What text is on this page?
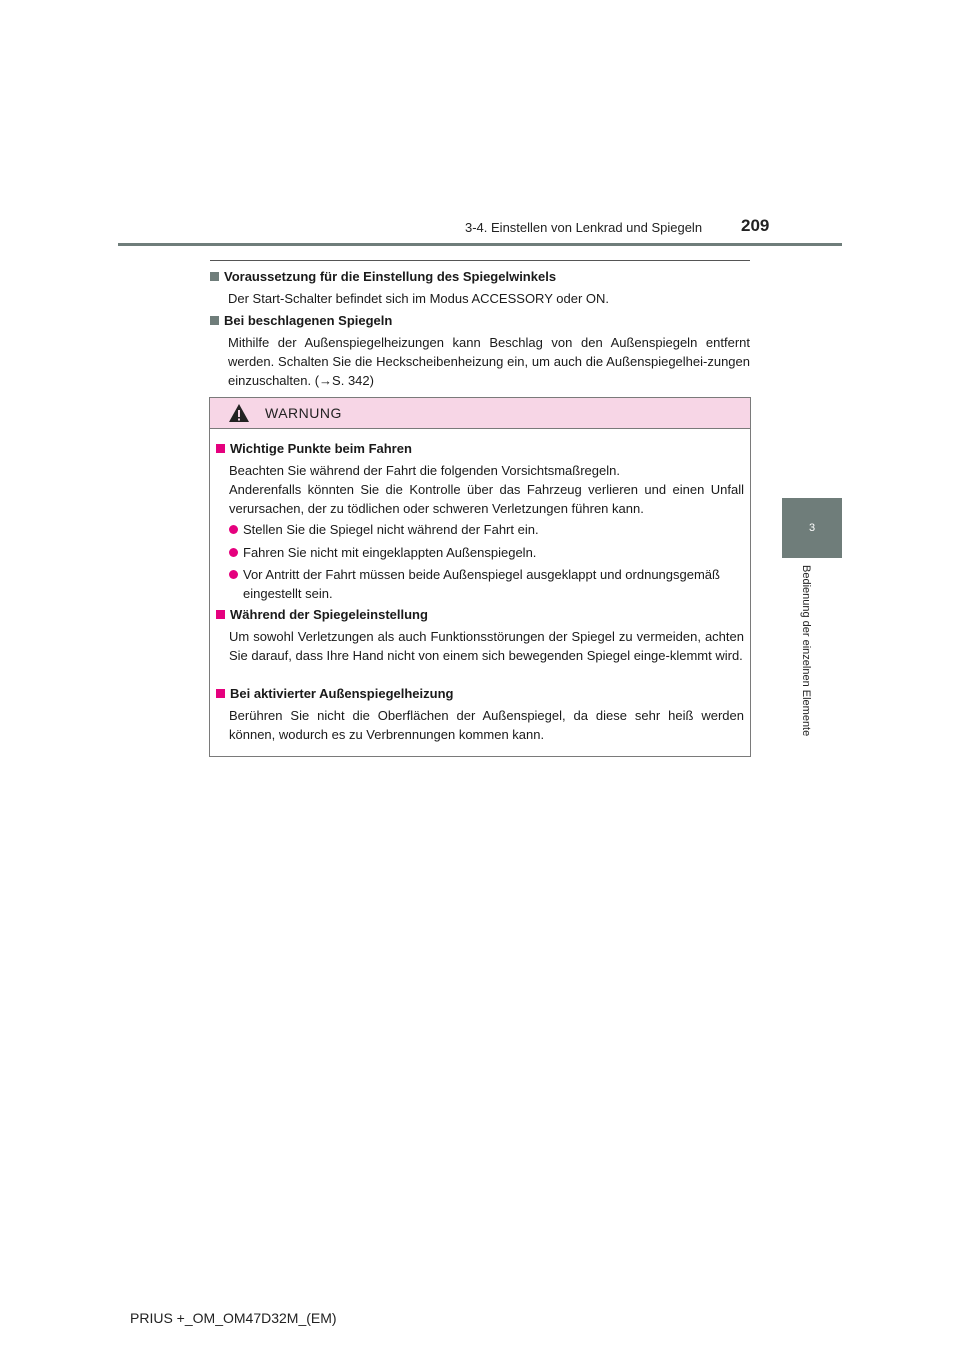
3-4. Einstellen von Lenkrad und Spiegeln 209
3
Bedienung der einzelnen Elemente
Voraussetzung für die Einstellung des Spiegelwinkels
Der Start-Schalter befindet sich im Modus ACCESSORY oder ON.
Bei beschlagenen Spiegeln
Mithilfe der Außenspiegelheizungen kann Beschlag von den Außenspiegeln entfernt werden. Schalten Sie die Heckscheibenheizung ein, um auch die Außenspiegelhei-zungen einzuschalten. (→S. 342)
WARNUNG
Wichtige Punkte beim Fahren
Beachten Sie während der Fahrt die folgenden Vorsichtsmaßregeln.
Anderenfalls könnten Sie die Kontrolle über das Fahrzeug verlieren und einen Unfall verursachen, der zu tödlichen oder schweren Verletzungen führen kann.
Stellen Sie die Spiegel nicht während der Fahrt ein.
Fahren Sie nicht mit eingeklappten Außenspiegeln.
Vor Antritt der Fahrt müssen beide Außenspiegel ausgeklappt und ordnungsgemäß eingestellt sein.
Während der Spiegeleinstellung
Um sowohl Verletzungen als auch Funktionsstörungen der Spiegel zu vermeiden, achten Sie darauf, dass Ihre Hand nicht von einem sich bewegenden Spiegel einge-klemmt wird.
Bei aktivierter Außenspiegelheizung
Berühren Sie nicht die Oberflächen der Außenspiegel, da diese sehr heiß werden können, wodurch es zu Verbrennungen kommen kann.
PRIUS +_OM_OM47D32M_(EM)
